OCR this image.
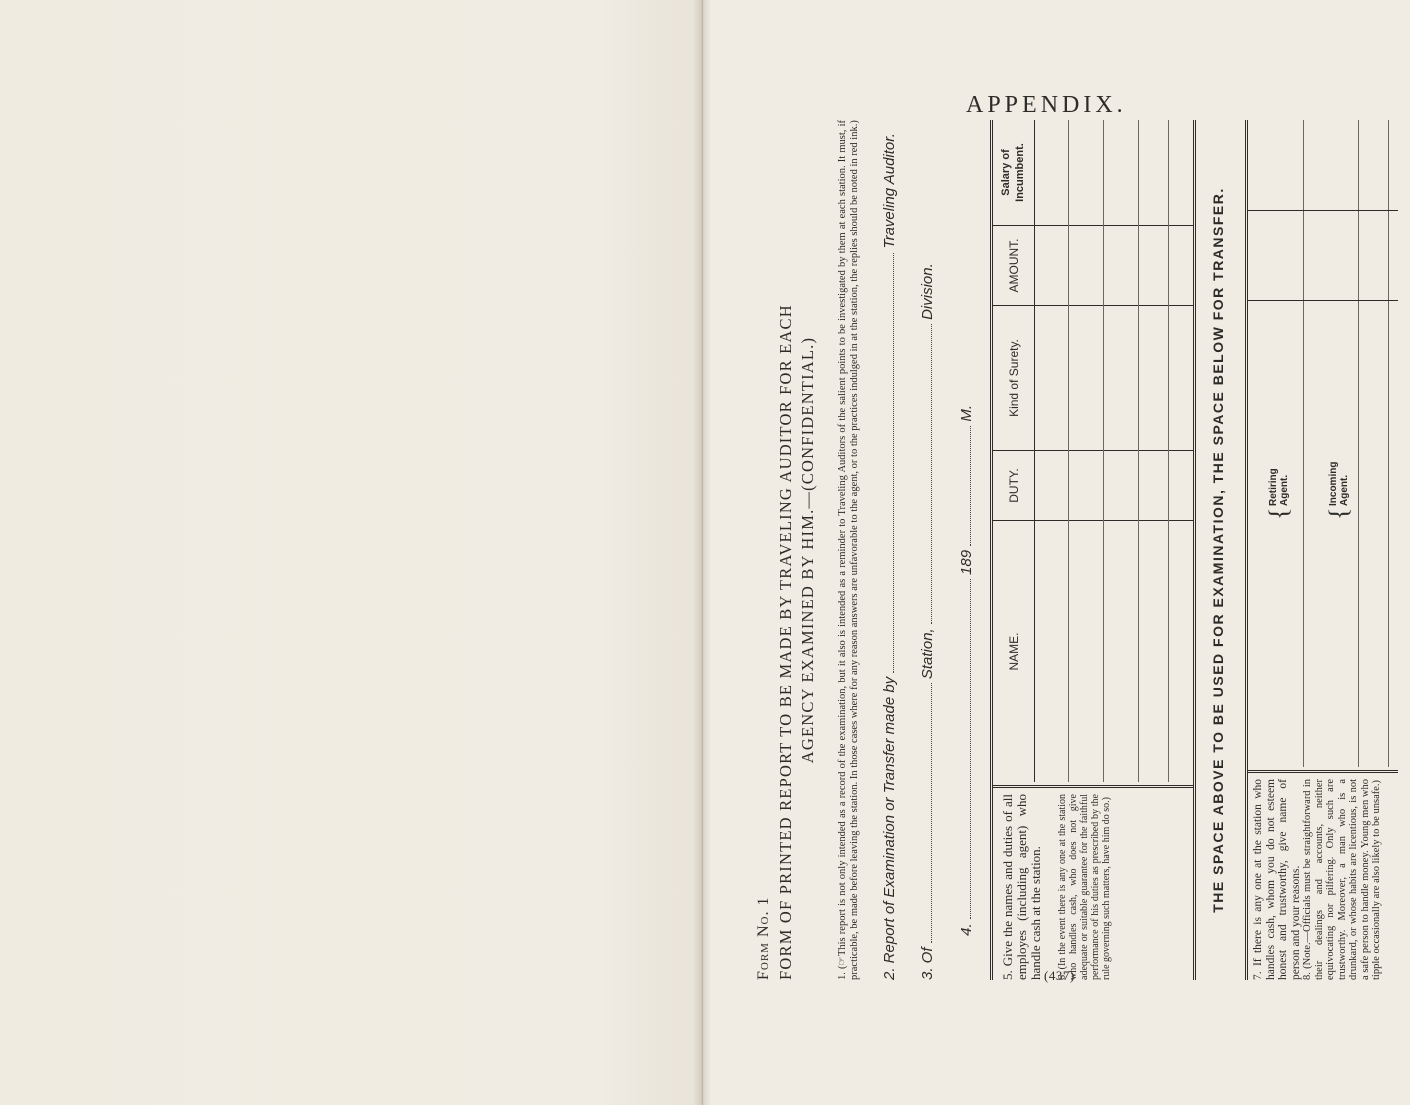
APPENDIX.
(437)
Form No. 1 FORM OF PRINTED REPORT TO BE MADE BY TRAVELING AUDITOR FOR EACH AGENCY EXAMINED BY HIM.—(CONFIDENTIAL.) 1. (☞This report is not only intended as a record of the examination, but it also is intended as a reminder to Traveling Auditors of the salient points to be investigated by them at each station. It must, if practicable, be made before leaving the station. In those cases where for any reason answers are unfavorable to the agent, or to the practices indulged in at the station, the replies should be noted in red ink.) 2. Report of Examination or Transfer made by  Traveling Auditor.
3. Of  Station,  Division.
4.  189  M.
5. Give the names and duties of all employes (including agent) who handle cash at the station. 6. (In the event there is any one at the station who handles cash, who does not give adequate or suitable guarantee for the faithful performance of his duties as prescribed by the rule governing such matters, have him do so.)
NAME.
DUTY.
Kind of Surety.
AMOUNT.
Salary of Incumbent.
THE SPACE ABOVE TO BE USED FOR EXAMINATION, THE SPACE BELOW FOR TRANSFER. 7. If there is any one at the station who handles cash, whom you do not esteem honest and trustworthy, give name of person and your reasons. 8. (Note.—Officials must be straightforward in their dealings and accounts, neither equivocating nor pilfering. Only such are trustworthy. Moreover, a man who is a drunkard, or whose habits are licentious, is not a safe person to handle money. Young men who tipple occasionally are also likely to be unsafe.)
{
Retiring Agent.
{
Incoming Agent.
